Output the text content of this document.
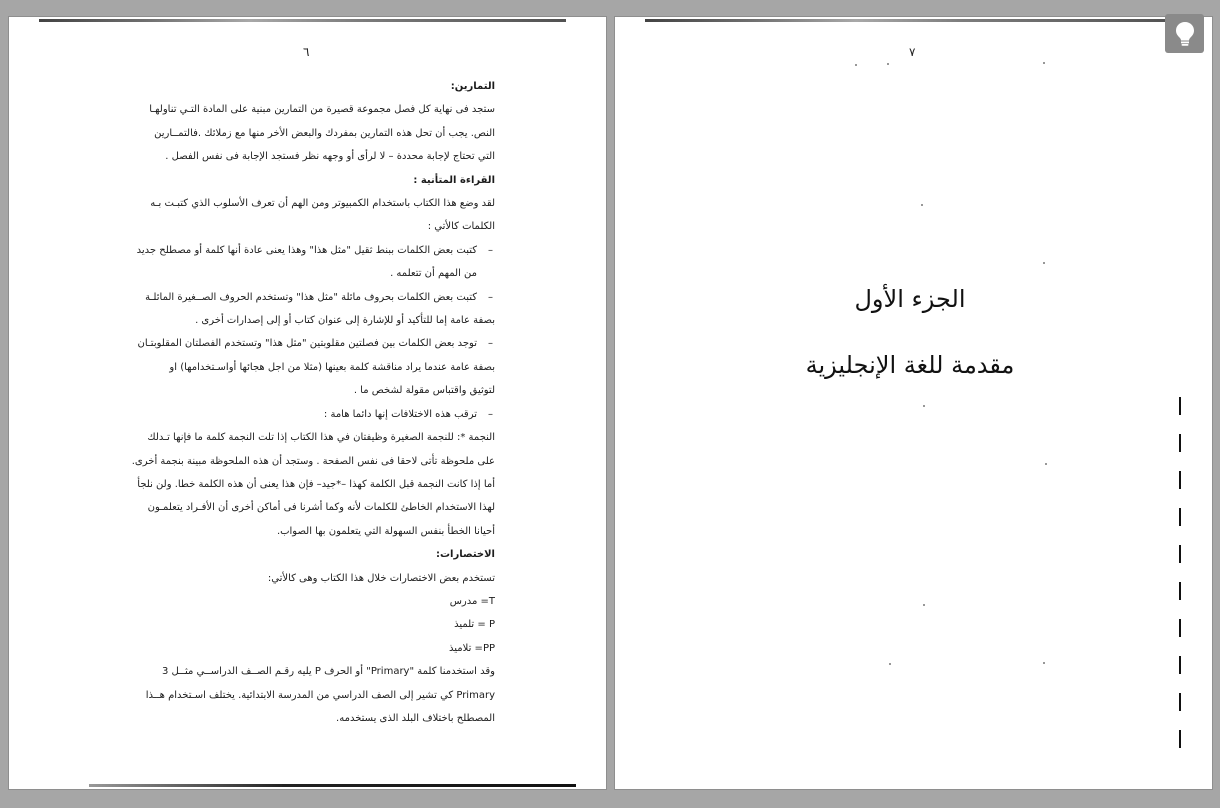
٦
التمارين:
ستجد فى نهاية كل فصل مجموعة قصيرة من التمارين مبنية على المادة التـي تناولهـا
النص. يجب أن تحل هذه التمارين بمفردك والبعض الأخر منها مع زملائك .فالتمــارين
التي تحتاج لإجابة محددة – لا لرأى أو وجهه نظر فستجد الإجابة فى نفس الفصل .
القراءة المتأنية :
لقد وضع هذا الكتاب باستخدام الكمبيوتر ومن الهم أن تعرف الأسلوب الذي كتبـت بـه
الكلمات كالأتي :
–
كتبت بعض الكلمات ببنط ثقيل "مثل هذا" وهذا يعنى عادة أنها كلمة أو مصطلح جديد
من المهم أن تتعلمه .
–
كتبت بعض الكلمات بحروف مائلة "مثل هذا" وتستخدم الحروف الصــغيرة المائلـة
بصفة عامة إما للتأكيد أو للإشارة إلى عنوان كتاب أو إلى إصدارات أخرى .
–
توجد بعض الكلمات بين فصلتين مقلوبتين "مثل هذا" وتستخدم الفصلتان المقلوبتـان
بصفة عامة عندما يراد مناقشة كلمة بعينها (مثلا من اجل هجائها أواسـتخدامها) او
لتوثيق واقتباس مقولة لشخص ما .
–
ترقب هذه الاختلافات إنها دائما هامة :
النجمة *: للنجمة الصغيرة وظيفتان في هذا الكتاب إذا تلت النجمة كلمة ما فإنها تـدلك
على ملحوظة تأتى لاحقا فى نفس الصفحة . وستجد أن هذه الملحوظة مبينة بنجمة أخرى.
أما إذا كانت النجمة قبل الكلمة كهذا –*جيد– فإن هذا يعنى أن هذه الكلمة خطا. ولن نلجأ
لهذا الاستخدام الخاطئ للكلمات لأنه وكما أشرنا فى أماكن أخرى أن الأفـراد يتعلمـون
أحيانا الخطأ بنفس السهولة التي يتعلمون بها الصواب.
الاختصارات:
تستخدم بعض الاختصارات خلال هذا الكتاب وهى كالأتي:
T= مدرس
P = تلميذ
PP= تلاميذ
وقد استخدمنا كلمة "Primary" أو الحرف P يليه رقـم الصــف الدراســي مثــل 3
Primary كي تشير إلى الصف الدراسي من المدرسة الابتدائية. يختلف اسـتخدام هــذا
المصطلح باختلاف البلد الذى يستخدمه.
٧
الجزء الأول
مقدمة للغة الإنجليزية
